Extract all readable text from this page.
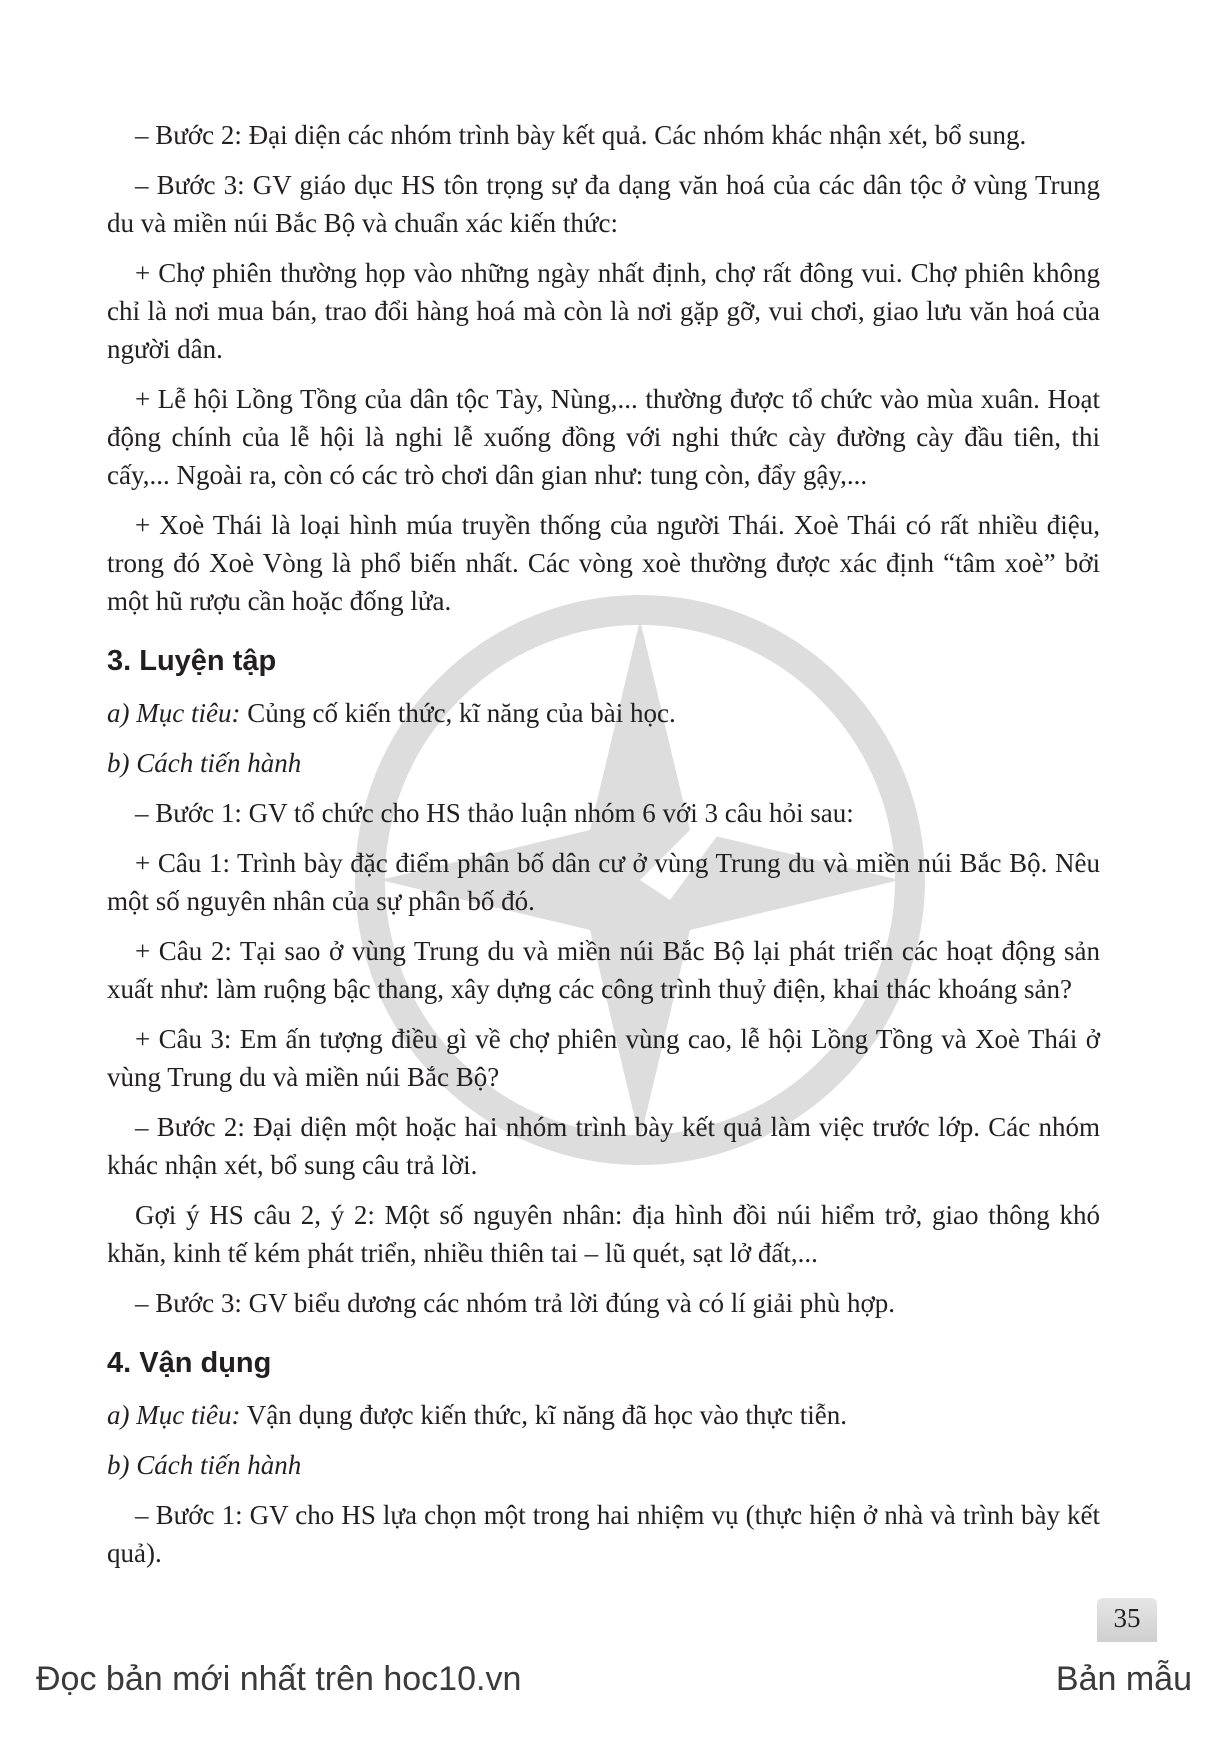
– Bước 2: Đại diện các nhóm trình bày kết quả. Các nhóm khác nhận xét, bổ sung.

– Bước 3: GV giáo dục HS tôn trọng sự đa dạng văn hoá của các dân tộc ở vùng Trung du và miền núi Bắc Bộ và chuẩn xác kiến thức:

+ Chợ phiên thường họp vào những ngày nhất định, chợ rất đông vui. Chợ phiên không chỉ là nơi mua bán, trao đổi hàng hoá mà còn là nơi gặp gỡ, vui chơi, giao lưu văn hoá của người dân.

+ Lễ hội Lồng Tồng của dân tộc Tày, Nùng,... thường được tổ chức vào mùa xuân. Hoạt động chính của lễ hội là nghi lễ xuống đồng với nghi thức cày đường cày đầu tiên, thi cấy,... Ngoài ra, còn có các trò chơi dân gian như: tung còn, đẩy gậy,...

+ Xoè Thái là loại hình múa truyền thống của người Thái. Xoè Thái có rất nhiều điệu, trong đó Xoè Vòng là phổ biến nhất. Các vòng xoè thường được xác định “tâm xoè” bởi một hũ rượu cần hoặc đống lửa.

3. Luyện tập

a) Mục tiêu: Củng cố kiến thức, kĩ năng của bài học.

b) Cách tiến hành

– Bước 1: GV tổ chức cho HS thảo luận nhóm 6 với 3 câu hỏi sau:

+ Câu 1: Trình bày đặc điểm phân bố dân cư ở vùng Trung du và miền núi Bắc Bộ. Nêu một số nguyên nhân của sự phân bố đó.

+ Câu 2: Tại sao ở vùng Trung du và miền núi Bắc Bộ lại phát triển các hoạt động sản xuất như: làm ruộng bậc thang, xây dựng các công trình thuỷ điện, khai thác khoáng sản?

+ Câu 3: Em ấn tượng điều gì về chợ phiên vùng cao, lễ hội Lồng Tồng và Xoè Thái ở vùng Trung du và miền núi Bắc Bộ?

– Bước 2: Đại diện một hoặc hai nhóm trình bày kết quả làm việc trước lớp. Các nhóm khác nhận xét, bổ sung câu trả lời.

Gợi ý HS câu 2, ý 2: Một số nguyên nhân: địa hình đồi núi hiểm trở, giao thông khó khăn, kinh tế kém phát triển, nhiều thiên tai – lũ quét, sạt lở đất,...

– Bước 3: GV biểu dương các nhóm trả lời đúng và có lí giải phù hợp.

4. Vận dụng

a) Mục tiêu: Vận dụng được kiến thức, kĩ năng đã học vào thực tiễn.

b) Cách tiến hành

– Bước 1: GV cho HS lựa chọn một trong hai nhiệm vụ (thực hiện ở nhà và trình bày kết quả).

35
Đọc bản mới nhất trên hoc10.vn	Bản mẫu
